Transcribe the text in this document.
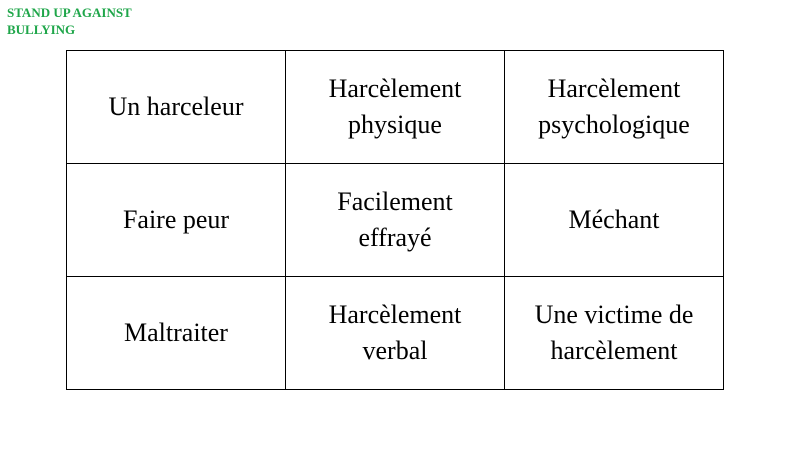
STAND UP AGAINST
BULLYING
Un harceleur	Harcèlement physique	Harcèlement psychologique
Faire peur	Facilement effrayé	Méchant
Maltraiter	Harcèlement verbal	Une victime de harcèlement
